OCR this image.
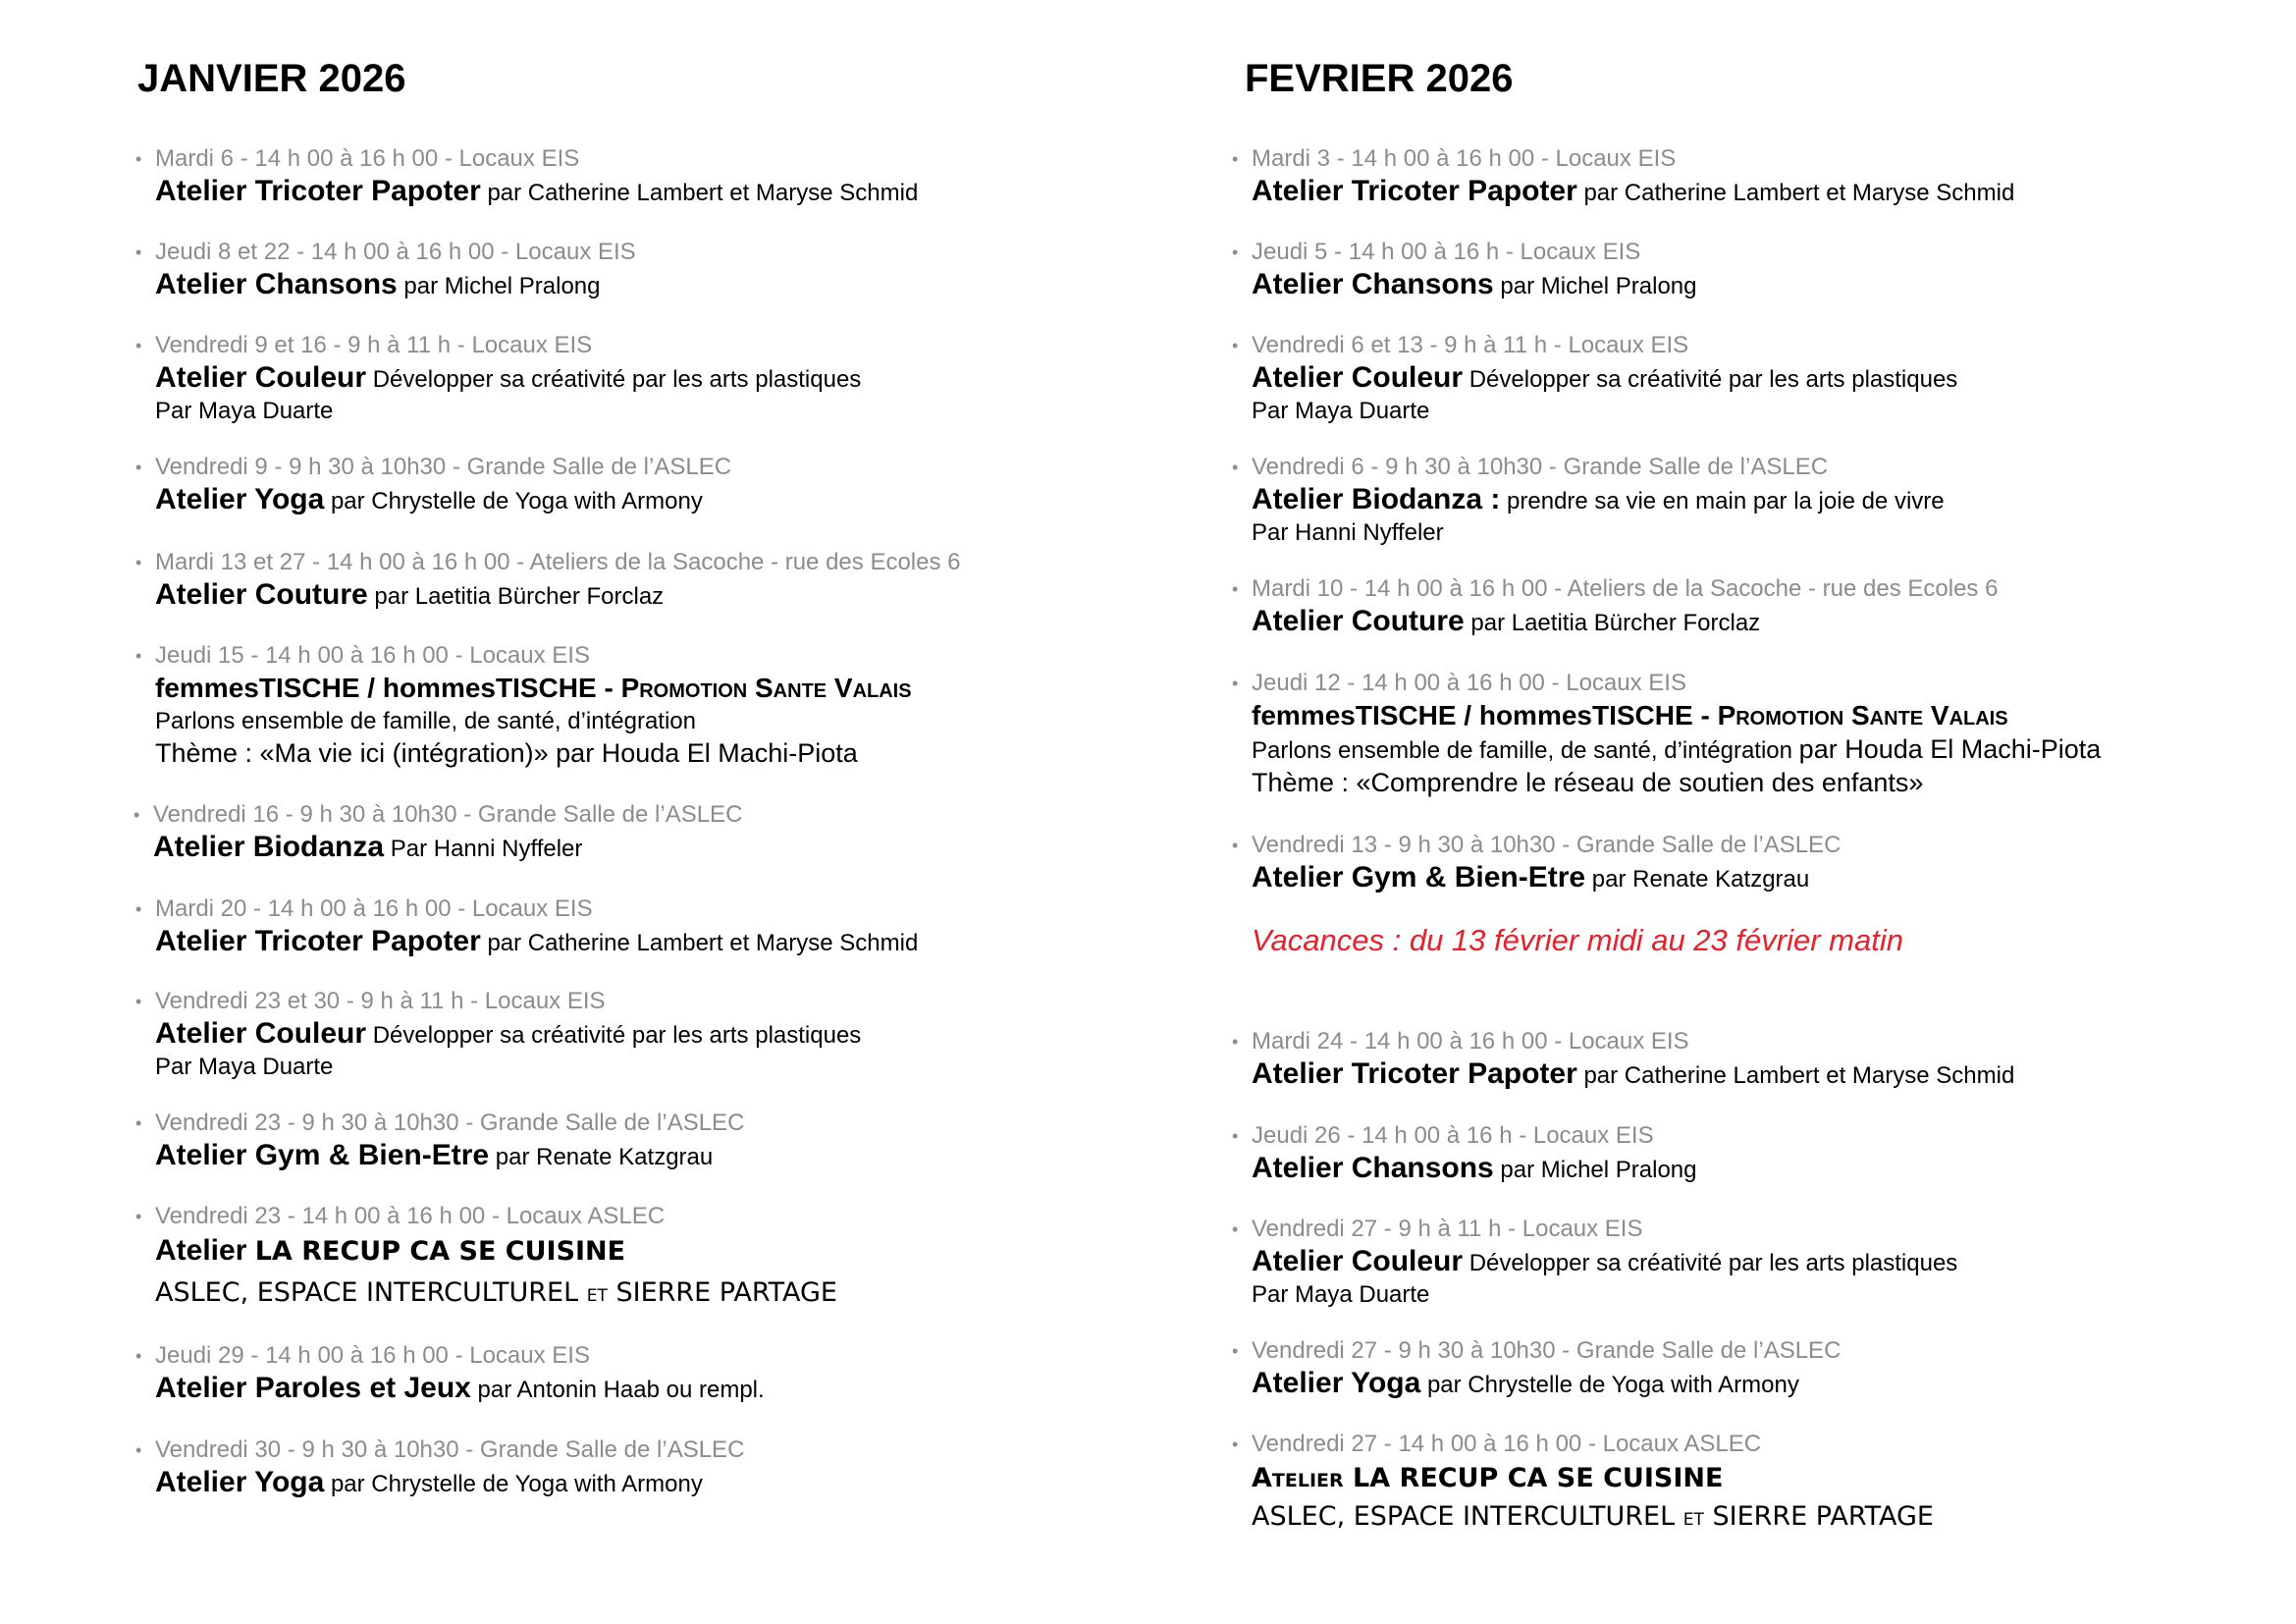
JANVIER 2026
• Mardi 6 - 14 h 00 à 16 h 00 - Locaux EIS
Atelier Tricoter Papoter par Catherine Lambert et Maryse Schmid
• Jeudi 8 et 22 - 14 h 00 à 16 h 00 - Locaux EIS
Atelier Chansons par Michel Pralong
• Vendredi 9 et 16 - 9 h à 11 h - Locaux EIS
Atelier Couleur Développer sa créativité par les arts plastiques
Par Maya Duarte
• Vendredi 9 - 9 h 30 à 10h30 - Grande Salle de l’ASLEC
Atelier Yoga par Chrystelle de Yoga with Armony
• Mardi 13 et 27 - 14 h 00 à 16 h 00 - Ateliers de la Sacoche - rue des Ecoles 6
Atelier Couture par Laetitia Bürcher Forclaz
• Jeudi 15 - 14 h 00 à 16 h 00 - Locaux EIS
femmesTISCHE / hommesTISCHE - Promotion Sante Valais
Parlons ensemble de famille, de santé, d’intégration
Thème : «Ma vie ici (intégration)» par Houda El Machi-Piota
• Vendredi 16 - 9 h 30 à 10h30 - Grande Salle de l’ASLEC
Atelier Biodanza Par Hanni Nyffeler
• Mardi 20 - 14 h 00 à 16 h 00 - Locaux EIS
Atelier Tricoter Papoter par Catherine Lambert et Maryse Schmid
• Vendredi 23 et 30 - 9 h à 11 h - Locaux EIS
Atelier Couleur Développer sa créativité par les arts plastiques
Par Maya Duarte
• Vendredi 23 - 9 h 30 à 10h30 - Grande Salle de l’ASLEC
Atelier Gym & Bien-Etre par Renate Katzgrau
• Vendredi 23 - 14 h 00 à 16 h 00 - Locaux ASLEC
Atelier LA RECUP CA SE CUISINE
ASLEC, ESPACE INTERCULTUREL ET SIERRE PARTAGE
• Jeudi 29 - 14 h 00 à 16 h 00 - Locaux EIS
Atelier Paroles et Jeux par Antonin Haab ou rempl.
• Vendredi 30 - 9 h 30 à 10h30 - Grande Salle de l’ASLEC
Atelier Yoga par Chrystelle de Yoga with Armony
FEVRIER 2026
• Mardi 3 - 14 h 00 à 16 h 00 - Locaux EIS
Atelier Tricoter Papoter par Catherine Lambert et Maryse Schmid
• Jeudi 5 - 14 h 00 à 16 h - Locaux EIS
Atelier Chansons par Michel Pralong
• Vendredi 6 et 13 - 9 h à 11 h - Locaux EIS
Atelier Couleur Développer sa créativité par les arts plastiques
Par Maya Duarte
• Vendredi 6 - 9 h 30 à 10h30 - Grande Salle de l’ASLEC
Atelier Biodanza : prendre sa vie en main par la joie de vivre
Par Hanni Nyffeler
• Mardi 10 - 14 h 00 à 16 h 00 - Ateliers de la Sacoche - rue des Ecoles 6
Atelier Couture par Laetitia Bürcher Forclaz
• Jeudi 12 - 14 h 00 à 16 h 00 - Locaux EIS
femmesTISCHE / hommesTISCHE - Promotion Sante Valais
Parlons ensemble de famille, de santé, d’intégration par Houda El Machi-Piota
Thème : «Comprendre le réseau de soutien des enfants»
• Vendredi 13 - 9 h 30 à 10h30 - Grande Salle de l’ASLEC
Atelier Gym & Bien-Etre par Renate Katzgrau
Vacances : du 13 février midi au 23 février matin
• Mardi 24 - 14 h 00 à 16 h 00 - Locaux EIS
Atelier Tricoter Papoter par Catherine Lambert et Maryse Schmid
• Jeudi 26 - 14 h 00 à 16 h - Locaux EIS
Atelier Chansons par Michel Pralong
• Vendredi 27 - 9 h à 11 h - Locaux EIS
Atelier Couleur Développer sa créativité par les arts plastiques
Par Maya Duarte
• Vendredi 27 - 9 h 30 à 10h30 - Grande Salle de l’ASLEC
Atelier Yoga par Chrystelle de Yoga with Armony
• Vendredi 27 - 14 h 00 à 16 h 00 - Locaux ASLEC
Atelier LA RECUP CA SE CUISINE
ASLEC, ESPACE INTERCULTUREL ET SIERRE PARTAGE
